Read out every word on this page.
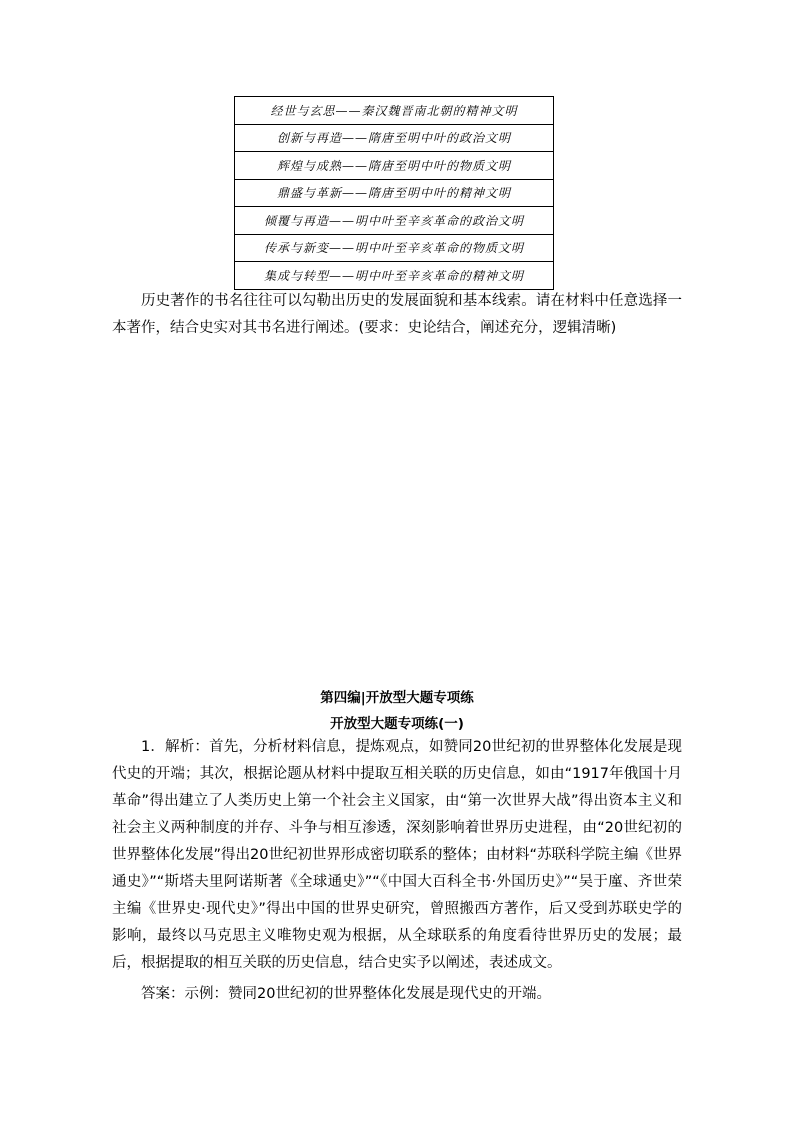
经世与玄思——秦汉魏晋南北朝的精神文明
创新与再造——隋唐至明中叶的政治文明
辉煌与成熟——隋唐至明中叶的物质文明
鼎盛与革新——隋唐至明中叶的精神文明
倾覆与再造——明中叶至辛亥革命的政治文明
传承与新变——明中叶至辛亥革命的物质文明
集成与转型——明中叶至辛亥革命的精神文明

历史著作的书名往往可以勾勒出历史的发展面貌和基本线索。请在材料中任意选择一本著作，结合史实对其书名进行阐述。(要求：史论结合，阐述充分，逻辑清晰)

第四编|开放型大题专项练

开放型大题专项练(一)

1．解析：首先，分析材料信息，提炼观点，如赞同20世纪初的世界整体化发展是现代史的开端；其次，根据论题从材料中提取互相关联的历史信息，如由“1917年俄国十月革命”得出建立了人类历史上第一个社会主义国家，由“第一次世界大战”得出资本主义和社会主义两种制度的并存、斗争与相互渗透，深刻影响着世界历史进程，由“20世纪初的世界整体化发展”得出20世纪初世界形成密切联系的整体；由材料“苏联科学院主编《世界通史》”“斯塔夫里阿诺斯著《全球通史》”“《中国大百科全书·外国历史》”“吴于廑、齐世荣主编《世界史·现代史》”得出中国的世界史研究，曾照搬西方著作，后又受到苏联史学的影响，最终以马克思主义唯物史观为根据，从全球联系的角度看待世界历史的发展；最后，根据提取的相互关联的历史信息，结合史实予以阐述，表述成文。

答案：示例：赞同20世纪初的世界整体化发展是现代史的开端。
